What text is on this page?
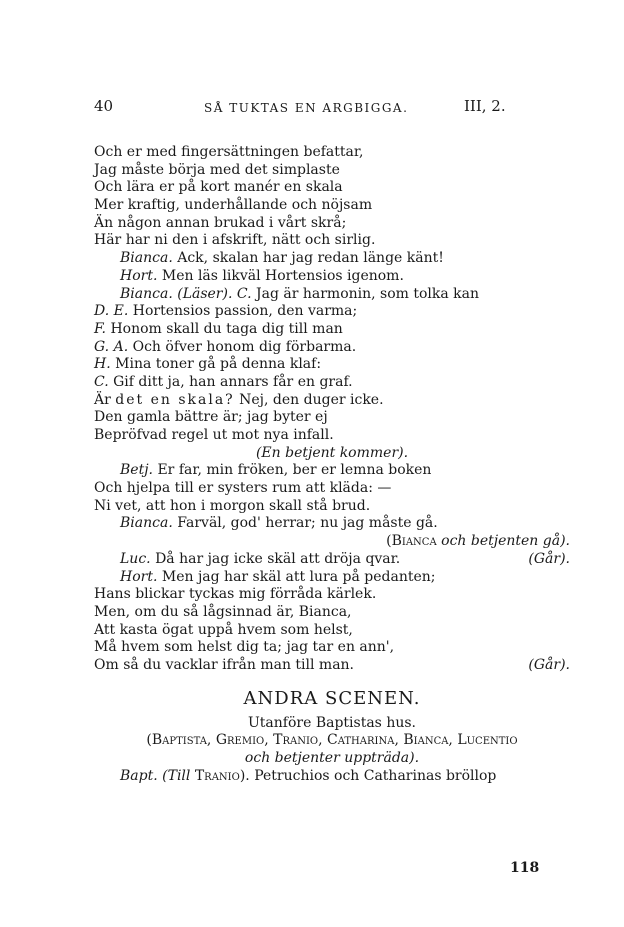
40	SÅ TUKTAS EN ARGBIGGA.	III, 2.
Och er med fingersättningen befattar,
Jag måste börja med det simplaste
Och lära er på kort manér en skala
Mer kraftig, underhållande och nöjsam
Än någon annan brukad i vårt skrå;
Här har ni den i afskrift, nätt och sirlig.
Bianca. Ack, skalan har jag redan länge känt!
Hort. Men läs likväl Hortensios igenom.
Bianca. (Läser). C. Jag är harmonin, som tolka kan
D. E. Hortensios passion, den varma;
F. Honom skall du taga dig till man
G. A. Och öfver honom dig förbarma.
H. Mina toner gå på denna klaf:
C. Gif ditt ja, han annars får en graf.
Är det en skala? Nej, den duger icke.
Den gamla bättre är; jag byter ej
Bepröfvad regel ut mot nya infall.
(En betjent kommer).
Betj. Er far, min fröken, ber er lemna boken
Och hjelpa till er systers rum att kläda: —
Ni vet, att hon i morgon skall stå brud.
Bianca. Farväl, god' herrar; nu jag måste gå.
(Bianca och betjenten gå).
Luc. Då har jag icke skäl att dröja qvar.	(Går).
Hort. Men jag har skäl att lura på pedanten;
Hans blickar tyckas mig förråda kärlek.
Men, om du så lågsinnad är, Bianca,
Att kasta ögat uppå hvem som helst,
Må hvem som helst dig ta; jag tar en ann',
Om så du vacklar ifrån man till man.	(Går).
ANDRA SCENEN.
Utanföre Baptistas hus.
(Baptista, Gremio, Tranio, Catharina, Bianca, Lucentio
och betjenter uppträda).
Bapt. (Till Tranio). Petruchios och Catharinas bröllop
118
